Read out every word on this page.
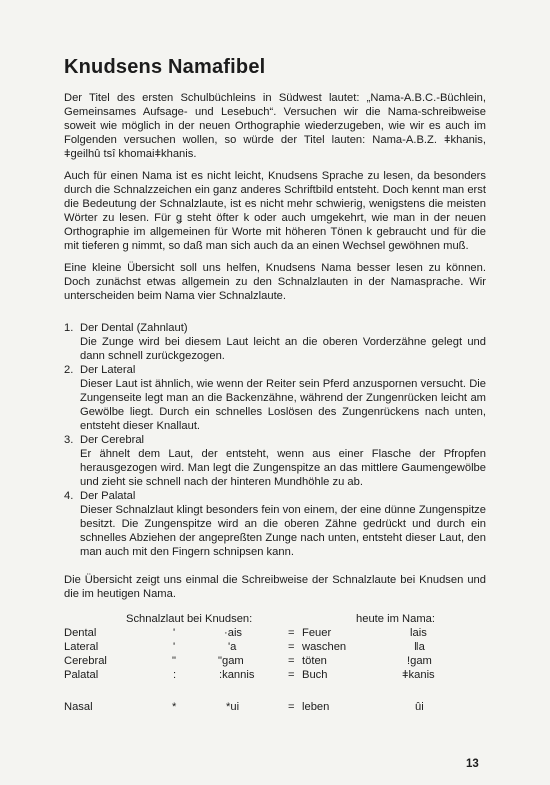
Knudsens Namafibel

Der Titel des ersten Schulbüchleins in Südwest lautet: „Nama-A.B.C.-Büchlein, Gemeinsames Aufsage- und Lesebuch“. Versuchen wir die Nama-schreibweise soweit wie möglich in der neuen Orthographie wiederzugeben, wie wir es auch im Folgenden versuchen wollen, so würde der Titel lauten: Nama-A.B.Z. ǂkhanis, ǂgeilhû tsî khomaiǂkhanis.

Auch für einen Nama ist es nicht leicht, Knudsens Sprache zu lesen, da besonders durch die Schnalzzeichen ein ganz anderes Schriftbild entsteht. Doch kennt man erst die Bedeutung der Schnalzlaute, ist es nicht mehr schwierig, wenigstens die meisten Wörter zu lesen. Für ǥ steht öfter k oder auch umgekehrt, wie man in der neuen Orthographie im allgemeinen für Worte mit höheren Tönen k gebraucht und für die mit tieferen g nimmt, so daß man sich auch da an einen Wechsel gewöhnen muß.

Eine kleine Übersicht soll uns helfen, Knudsens Nama besser lesen zu können. Doch zunächst etwas allgemein zu den Schnalzlauten in der Namasprache. Wir unterscheiden beim Nama vier Schnalzlaute.

1. Der Dental (Zahnlaut)
Die Zunge wird bei diesem Laut leicht an die oberen Vorderzähne gelegt und dann schnell zurückgezogen.
2. Der Lateral
Dieser Laut ist ähnlich, wie wenn der Reiter sein Pferd anzuspornen versucht. Die Zungenseite legt man an die Backenzähne, während der Zungenrücken leicht am Gewölbe liegt. Durch ein schnelles Loslösen des Zungenrückens nach unten, entsteht dieser Knallaut.
3. Der Cerebral
Er ähnelt dem Laut, der entsteht, wenn aus einer Flasche der Pfropfen herausgezogen wird. Man legt die Zungenspitze an das mittlere Gaumengewölbe und zieht sie schnell nach der hinteren Mundhöhle zu ab.
4. Der Palatal
Dieser Schnalzlaut klingt besonders fein von einem, der eine dünne Zungenspitze besitzt. Die Zungenspitze wird an die oberen Zähne gedrückt und durch ein schnelles Abziehen der angepreßten Zunge nach unten, entsteht dieser Laut, den man auch mit den Fingern schnipsen kann.

Die Übersicht zeigt uns einmal die Schreibweise der Schnalzlaute bei Knudsen und die im heutigen Nama.

Schnalzlaut bei Knudsen:	heute im Nama:
Dental	'	·ais	= Feuer	lais
Lateral	'	'a	= waschen	ǁa
Cerebral	"	"gam	= töten	!gam
Palatal	:	:kannis	= Buch	ǂkanis
Nasal	*	*ui	= leben	ûi
13
